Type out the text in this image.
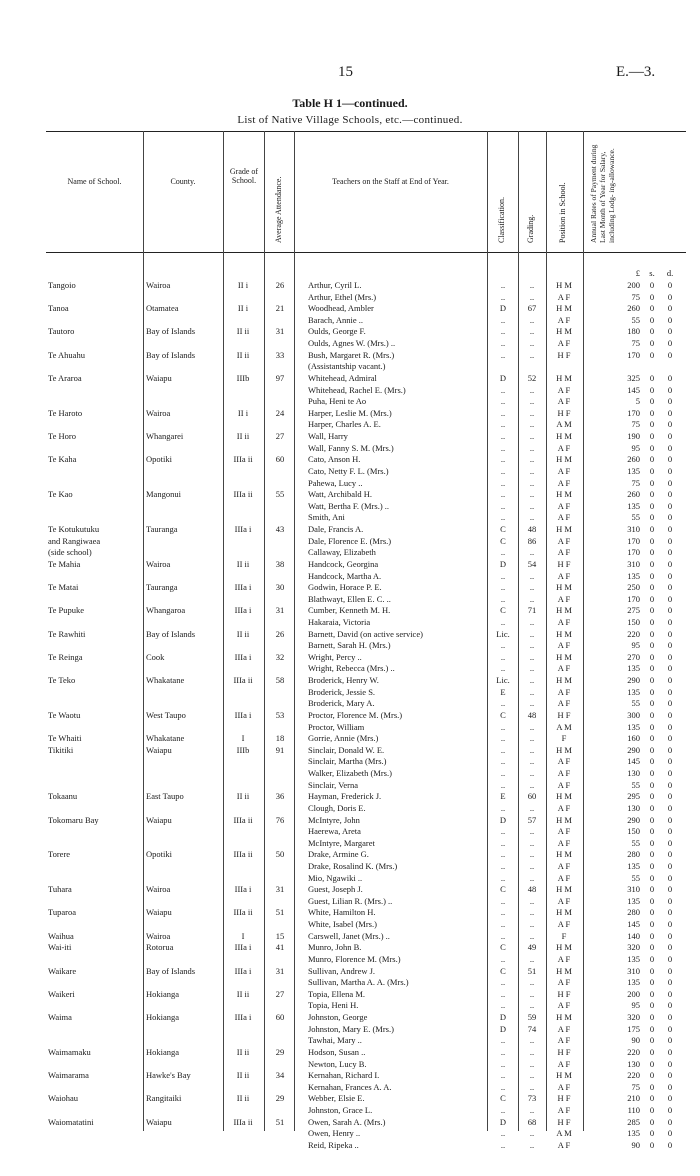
15	E.—3.
Table H 1—continued.
List of Native Village Schools, etc.—continued.
Name of School.	County.
Grade of School.	Average Attendance.	Teachers on the Staff at End of Year.
Classification.	Grading.	Position in School.	Annual Rates of Payment during Last Month of Year for Salary, including Lodg- ing-allowance.
£	s.	d.
Tangoio	Wairoa	II i	26	Arthur, Cyril L.	..	..	H M	200	0	0
Arthur, Ethel (Mrs.)	..	..	A F	75	0	0
Tanoa	Otamatea	II i	21	Woodhead, Ambler	D	67	H M	260	0	0
Barach, Annie ..	..	..	A F	55	0	0
Tautoro	Bay of Islands	II ii	31	Oulds, George F.	..	..	H M	180	0	0
Oulds, Agnes W. (Mrs.) ..	..	..	A F	75	0	0
Te Ahuahu	Bay of Islands	II ii	33	Bush, Margaret R. (Mrs.)	..	..	H F	170	0	0
(Assistantship vacant.)
Te Araroa	Waiapu	IIIb	97	Whitehead, Admiral	D	52	H M	325	0	0
Whitehead, Rachel E. (Mrs.)	..	..	A F	145	0	0
Puha, Heni te Ao	..	..	A F	5	0	0
Te Haroto	Wairoa	II i	24	Harper, Leslie M. (Mrs.)	..	..	H F	170	0	0
Harper, Charles A. E.	..	..	A M	75	0	0
Te Horo	Whangarei	II ii	27	Wall, Harry	..	..	H M	190	0	0
Wall, Fanny S. M. (Mrs.)	..	..	A F	95	0	0
Te Kaha	Opotiki	IIIa ii	60	Cato, Anson H.	..	..	H M	260	0	0
Cato, Netty F. L. (Mrs.)	..	..	A F	135	0	0
Pahewa, Lucy ..	..	..	A F	75	0	0
Te Kao	Mangonui	IIIa ii	55	Watt, Archibald H.	..	..	H M	260	0	0
Watt, Bertha F. (Mrs.) ..	..	..	A F	135	0	0
Smith, Ani	..	..	A F	55	0	0
Te Kotukutuku	Tauranga	IIIa i	43	Dale, Francis A.	C	48	H M	310	0	0
and Rangiwaea	Dale, Florence E. (Mrs.)	C	86	A F	170	0	0
(side school)	Callaway, Elizabeth	..	..	A F	170	0	0
Te Mahia	Wairoa	II ii	38	Handcock, Georgina	D	54	H F	310	0	0
Handcock, Martha A.	..	..	A F	135	0	0
Te Matai	Tauranga	IIIa i	30	Godwin, Horace P. E.	..	..	H M	250	0	0
Blathwayt, Ellen E. C. ..	..	..	A F	170	0	0
Te Pupuke	Whangaroa	IIIa i	31	Cumber, Kenneth M. H.	C	71	H M	275	0	0
Hakaraia, Victoria	..	..	A F	150	0	0
Te Rawhiti	Bay of Islands	II ii	26	Barnett, David (on active service)	Lic.	..	H M	220	0	0
Barnett, Sarah H. (Mrs.)	..	..	A F	95	0	0
Te Reinga	Cook	IIIa i	32	Wright, Percy ..	..	..	H M	270	0	0
Wright, Rebecca (Mrs.) ..	..	..	A F	135	0	0
Te Teko	Whakatane	IIIa ii	58	Broderick, Henry W.	Lic.	..	H M	290	0	0
Broderick, Jessie S.	E	..	A F	135	0	0
Broderick, Mary A.	..	..	A F	55	0	0
Te Waotu	West Taupo	IIIa i	53	Proctor, Florence M. (Mrs.)	C	48	H F	300	0	0
Proctor, William	..	..	A M	135	0	0
Te Whaiti	Whakatane	I	18	Gorrie, Annie (Mrs.)	..	..	F	160	0	0
Tikitiki	Waiapu	IIIb	91	Sinclair, Donald W. E.	..	..	H M	290	0	0
Sinclair, Martha (Mrs.)	..	..	A F	145	0	0
Walker, Elizabeth (Mrs.)	..	..	A F	130	0	0
Sinclair, Verna	..	..	A F	55	0	0
Tokaanu	East Taupo	II ii	36	Hayman, Frederick J.	E	60	H M	295	0	0
Clough, Doris E.	..	..	A F	130	0	0
Tokomaru Bay	Waiapu	IIIa ii	76	McIntyre, John	D	57	H M	290	0	0
Haerewa, Areta	..	..	A F	150	0	0
McIntyre, Margaret	..	..	A F	55	0	0
Torere	Opotiki	IIIa ii	50	Drake, Armine G.	..	..	H M	280	0	0
Drake, Rosalind K. (Mrs.)	..	..	A F	135	0	0
Mio, Ngawiki ..	..	..	A F	55	0	0
Tuhara	Wairoa	IIIa i	31	Guest, Joseph J.	C	48	H M	310	0	0
Guest, Lilian R. (Mrs.) ..	..	..	A F	135	0	0
Tuparoa	Waiapu	IIIa ii	51	White, Hamilton H.	..	..	H M	280	0	0
White, Isabel (Mrs.)	..	..	A F	145	0	0
Waihua	Wairoa	I	15	Carswell, Janet (Mrs.) ..	..	..	F	140	0	0
Wai-iti	Rotorua	IIIa i	41	Munro, John B.	C	49	H M	320	0	0
Munro, Florence M. (Mrs.)	..	..	A F	135	0	0
Waikare	Bay of Islands	IIIa i	31	Sullivan, Andrew J.	C	51	H M	310	0	0
Sullivan, Martha A. A. (Mrs.)	..	..	A F	135	0	0
Waikeri	Hokianga	II ii	27	Topia, Ellena M.	..	..	H F	200	0	0
Topia, Heni H.	..	..	A F	95	0	0
Waima	Hokianga	IIIa i	60	Johnston, George	D	59	H M	320	0	0
Johnston, Mary E. (Mrs.)	D	74	A F	175	0	0
Tawhai, Mary ..	..	..	A F	90	0	0
Waimamaku	Hokianga	II ii	29	Hodson, Susan ..	..	..	H F	220	0	0
Newton, Lucy B.	..	..	A F	130	0	0
Waimarama	Hawke's Bay	II ii	34	Kernahan, Richard I.	..	..	H M	220	0	0
Kernahan, Frances A. A.	..	..	A F	75	0	0
Waiohau	Rangitaiki	II ii	29	Webber, Elsie E.	C	73	H F	210	0	0
Johnston, Grace L.	..	..	A F	110	0	0
Waiomatatini	Waiapu	IIIa ii	51	Owen, Sarah A. (Mrs.)	D	68	H F	285	0	0
Owen, Henry ..	..	..	A M	135	0	0
Reid, Ripeka ..	..	..	A F	90	0	0
